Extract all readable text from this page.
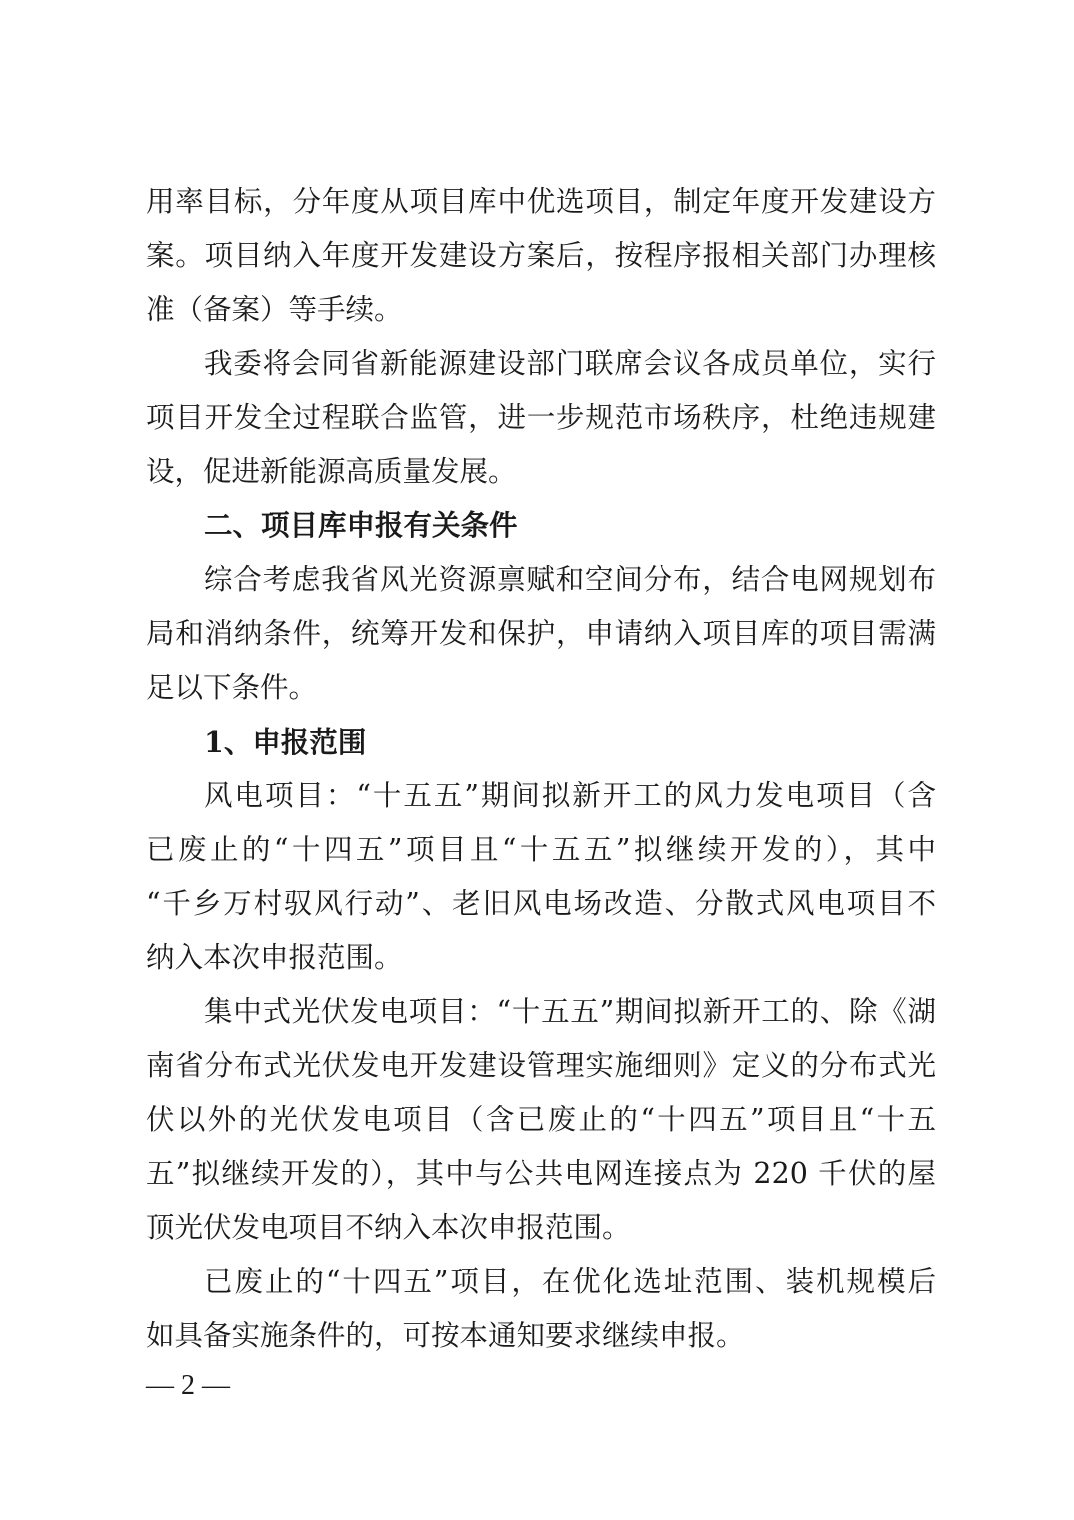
用率目标，分年度从项目库中优选项目，制定年度开发建设方
案。项目纳入年度开发建设方案后，按程序报相关部门办理核
准（备案）等手续。
我委将会同省新能源建设部门联席会议各成员单位，实行
项目开发全过程联合监管，进一步规范市场秩序，杜绝违规建
设，促进新能源高质量发展。
二、项目库申报有关条件
综合考虑我省风光资源禀赋和空间分布，结合电网规划布
局和消纳条件，统筹开发和保护，申请纳入项目库的项目需满
足以下条件。
1、申报范围
风电项目：“十五五”期间拟新开工的风力发电项目（含
已废止的“十四五”项目且“十五五”拟继续开发的），其中
“千乡万村驭风行动”、老旧风电场改造、分散式风电项目不
纳入本次申报范围。
集中式光伏发电项目：“十五五”期间拟新开工的、除《湖
南省分布式光伏发电开发建设管理实施细则》定义的分布式光
伏以外的光伏发电项目（含已废止的“十四五”项目且“十五
五”拟继续开发的），其中与公共电网连接点为 220 千伏的屋
顶光伏发电项目不纳入本次申报范围。
已废止的“十四五”项目，在优化选址范围、装机规模后
如具备实施条件的，可按本通知要求继续申报。
— 2 —
